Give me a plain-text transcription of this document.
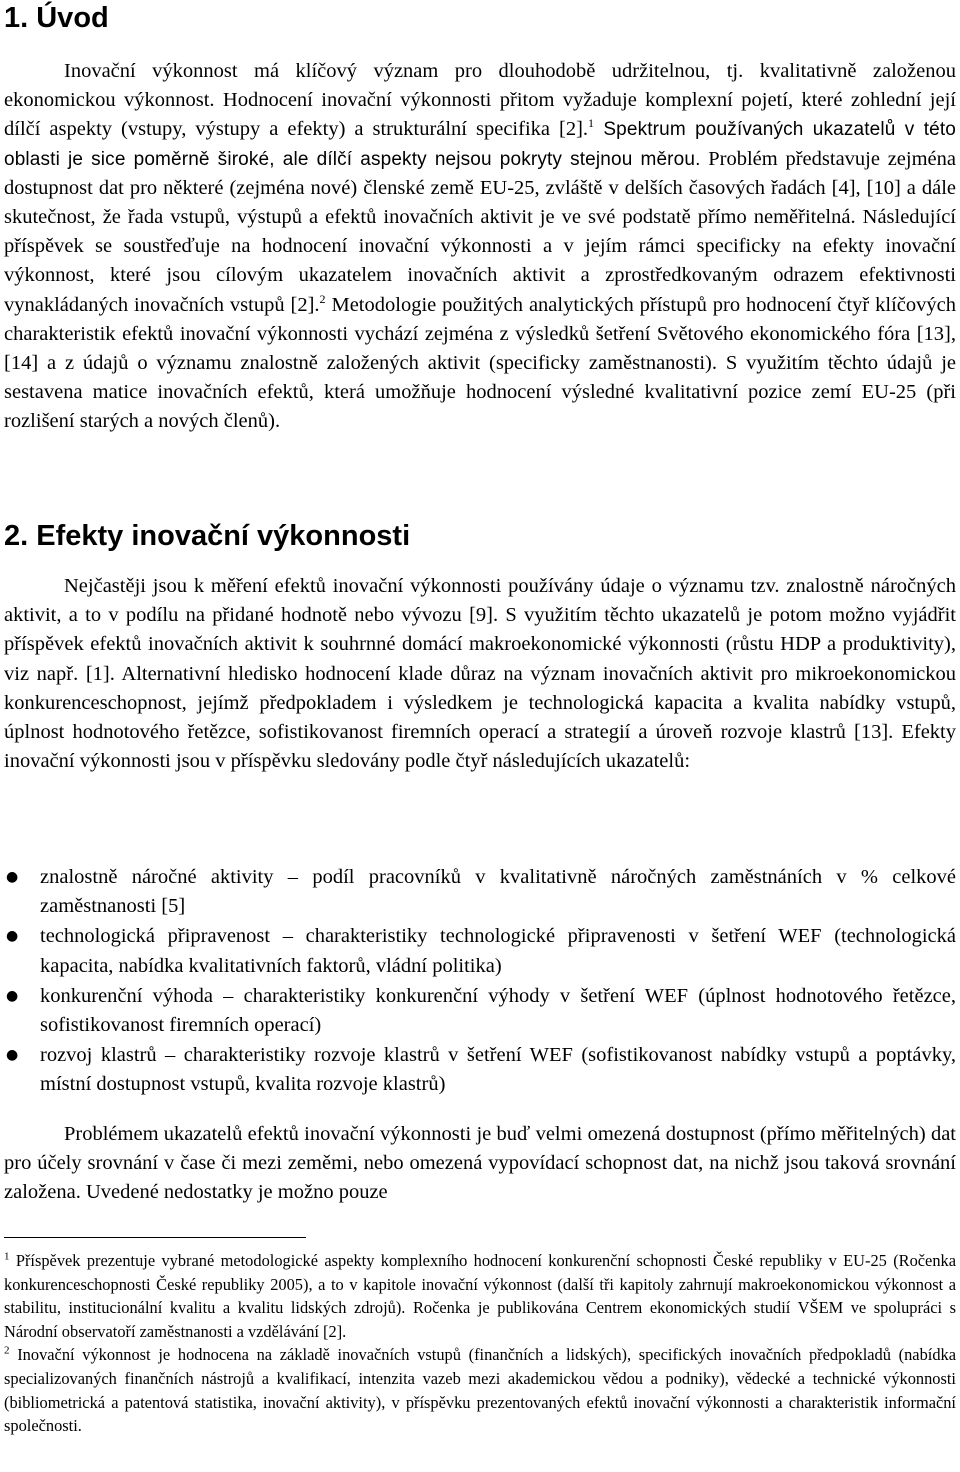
1. Úvod

Inovační výkonnost má klíčový význam pro dlouhodobě udržitelnou, tj. kvalitativně založenou ekonomickou výkonnost. Hodnocení inovační výkonnosti přitom vyžaduje komplexní pojetí, které zohlední její dílčí aspekty (vstupy, výstupy a efekty) a strukturální specifika [2].$^1$ Spektrum používaných ukazatelů v této oblasti je sice poměrně široké, ale dílčí aspekty nejsou pokryty stejnou měrou. Problém představuje zejména dostupnost dat pro některé (zejména nové) členské země EU-25, zvláště v delších časových řadách [4], [10] a dále skutečnost, že řada vstupů, výstupů a efektů inovačních aktivit je ve své podstatě přímo neměřitelná. Následující příspěvek se soustřeďuje na hodnocení inovační výkonnosti a v jejím rámci specificky na efekty inovační výkonnost, které jsou cílovým ukazatelem inovačních aktivit a zprostředkovaným odrazem efektivnosti vynakládaných inovačních vstupů [2].$^2$ Metodologie použitých analytických přístupů pro hodnocení čtyř klíčových charakteristik efektů inovační výkonnosti vychází zejména z výsledků šetření Světového ekonomického fóra [13], [14] a z údajů o významu znalostně založených aktivit (specificky zaměstnanosti). S využitím těchto údajů je sestavena matice inovačních efektů, která umožňuje hodnocení výsledné kvalitativní pozice zemí EU-25 (při rozlišení starých a nových členů).

2. Efekty inovační výkonnosti

Nejčastěji jsou k měření efektů inovační výkonnosti používány údaje o významu tzv. znalostně náročných aktivit, a to v podílu na přidané hodnotě nebo vývozu [9]. S využitím těchto ukazatelů je potom možno vyjádřit příspěvek efektů inovačních aktivit k souhrnné domácí makroekonomické výkonnosti (růstu HDP a produktivity), viz např. [1]. Alternativní hledisko hodnocení klade důraz na význam inovačních aktivit pro mikroekonomickou konkurenceschopnost, jejímž předpokladem i výsledkem je technologická kapacita a kvalita nabídky vstupů, úplnost hodnotového řetězce, sofistikovanost firemních operací a strategií a úroveň rozvoje klastrů [13]. Efekty inovační výkonnosti jsou v příspěvku sledovány podle čtyř následujících ukazatelů:

● znalostně náročné aktivity – podíl pracovníků v kvalitativně náročných zaměstnáních v % celkové zaměstnanosti [5]
● technologická připravenost – charakteristiky technologické připravenosti v šetření WEF (technologická kapacita, nabídka kvalitativních faktorů, vládní politika)
● konkurenční výhoda – charakteristiky konkurenční výhody v šetření WEF (úplnost hodnotového řetězce, sofistikovanost firemních operací)
● rozvoj klastrů – charakteristiky rozvoje klastrů v šetření WEF (sofistikovanost nabídky vstupů a poptávky, místní dostupnost vstupů, kvalita rozvoje klastrů)

Problémem ukazatelů efektů inovační výkonnosti je buď velmi omezená dostupnost (přímo měřitelných) dat pro účely srovnání v čase či mezi zeměmi, nebo omezená vypovídací schopnost dat, na nichž jsou taková srovnání založena. Uvedené nedostatky je možno pouze

$^1$ Příspěvek prezentuje vybrané metodologické aspekty komplexního hodnocení konkurenční schopnosti České republiky v EU-25 (Ročenka konkurenceschopnosti České republiky 2005), a to v kapitole inovační výkonnost (další tři kapitoly zahrnují makroekonomickou výkonnost a stabilitu, institucionální kvalitu a kvalitu lidských zdrojů). Ročenka je publikována Centrem ekonomických studií VŠEM ve spolupráci s Národní observatoří zaměstnanosti a vzdělávání [2].

$^2$ Inovační výkonnost je hodnocena na základě inovačních vstupů (finančních a lidských), specifických inovačních předpokladů (nabídka specializovaných finančních nástrojů a kvalifikací, intenzita vazeb mezi akademickou vědou a podniky), vědecké a technické výkonnosti (bibliometrická a patentová statistika, inovační aktivity), v příspěvku prezentovaných efektů inovační výkonnosti a charakteristik informační společnosti.
